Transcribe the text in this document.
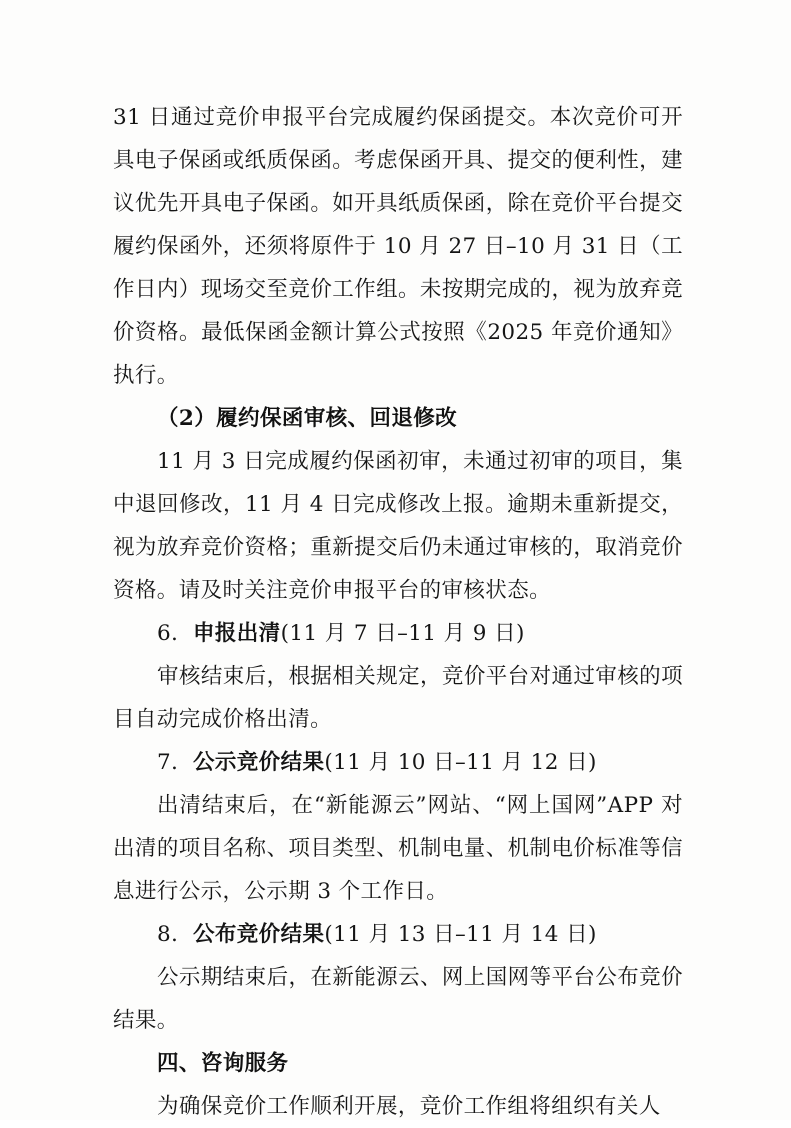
31 日通过竞价申报平台完成履约保函提交。本次竞价可开具电子保函或纸质保函。考虑保函开具、提交的便利性，建议优先开具电子保函。如开具纸质保函，除在竞价平台提交履约保函外，还须将原件于 10 月 27 日–10 月 31 日（工作日内）现场交至竞价工作组。未按期完成的，视为放弃竞价资格。最低保函金额计算公式按照《2025 年竞价通知》执行。

（2）履约保函审核、回退修改

11 月 3 日完成履约保函初审，未通过初审的项目，集中退回修改，11 月 4 日完成修改上报。逾期未重新提交，视为放弃竞价资格；重新提交后仍未通过审核的，取消竞价资格。请及时关注竞价申报平台的审核状态。

6．申报出清(11 月 7 日–11 月 9 日)

审核结束后，根据相关规定，竞价平台对通过审核的项目自动完成价格出清。

7．公示竞价结果(11 月 10 日–11 月 12 日)

出清结束后，在“新能源云”网站、“网上国网”APP 对出清的项目名称、项目类型、机制电量、机制电价标准等信息进行公示，公示期 3 个工作日。

8．公布竞价结果(11 月 13 日–11 月 14 日)

公示期结束后，在新能源云、网上国网等平台公布竞价结果。

四、咨询服务

为确保竞价工作顺利开展，竞价工作组将组织有关人
